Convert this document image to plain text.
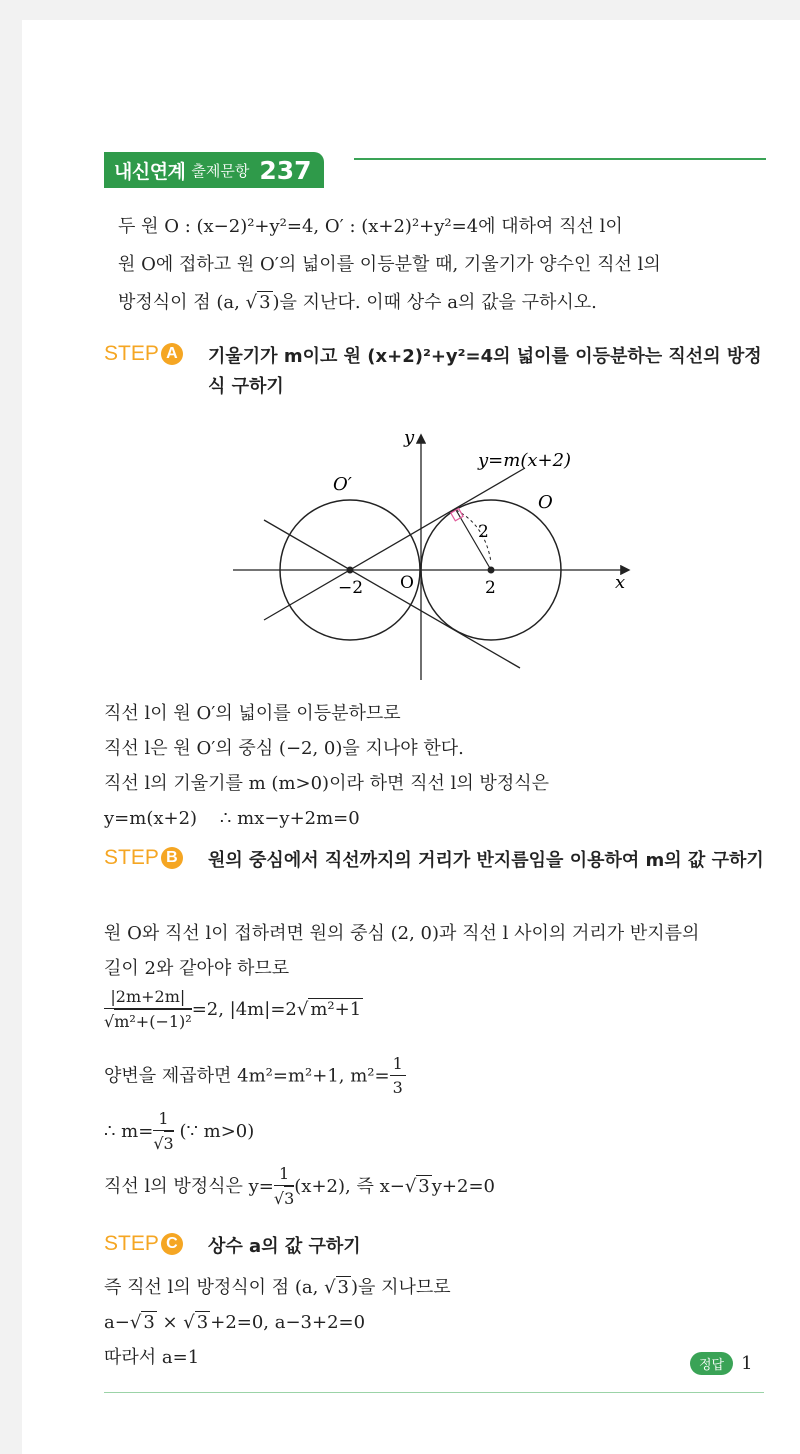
내신연계 출제문항 237
두 원 O : (x−2)²+y²=4, O′ : (x+2)²+y²=4에 대하여 직선 l이
원 O에 접하고 원 O′의 넓이를 이등분할 때, 기울기가 양수인 직선 l의
방정식이 점 (a, √ 3 )을 지난다. 이때 상수 a의 값을 구하시오.
STEP A 기울기가 m이고 원 (x+2)²+y²=4의 넓이를 이등분하는 직선의 방정식 구하기
y
x
y=m(x+2)
O′
O
O
−2	2
2
직선 l이 원 O′의 넓이를 이등분하므로
직선 l은 원 O′의 중심 (−2, 0)을 지나야 한다.
직선 l의 기울기를 m (m>0)이라 하면 직선 l의 방정식은
y=m(x+2)    ∴ mx−y+2m=0
STEP B 원의 중심에서 직선까지의 거리가 반지름임을 이용하여 m의 값 구하기
원 O와 직선 l이 접하려면 원의 중심 (2, 0)과 직선 l 사이의 거리가 반지름의
길이 2와 같아야 하므로
$\frac{|2m+2m|}{\text{√m²+(−1)²}} =2$, |4m|=2√ m²+1
양변을 제곱하면 4m²=m²+1, $m^2= \frac{1}{3}$
∴ $m= \frac{1}{√3}$ (∵ m>0)
직선 l의 방정식은 $y= \frac{1}{√3} (x+2)$, 즉 x−√ 3 y+2=0
STEP C 상수 a의 값 구하기
즉 직선 l의 방정식이 점 (a, √ 3 )을 지나므로
a−√ 3 × √ 3 +2=0, a−3+2=0
따라서 a=1	정답 1
